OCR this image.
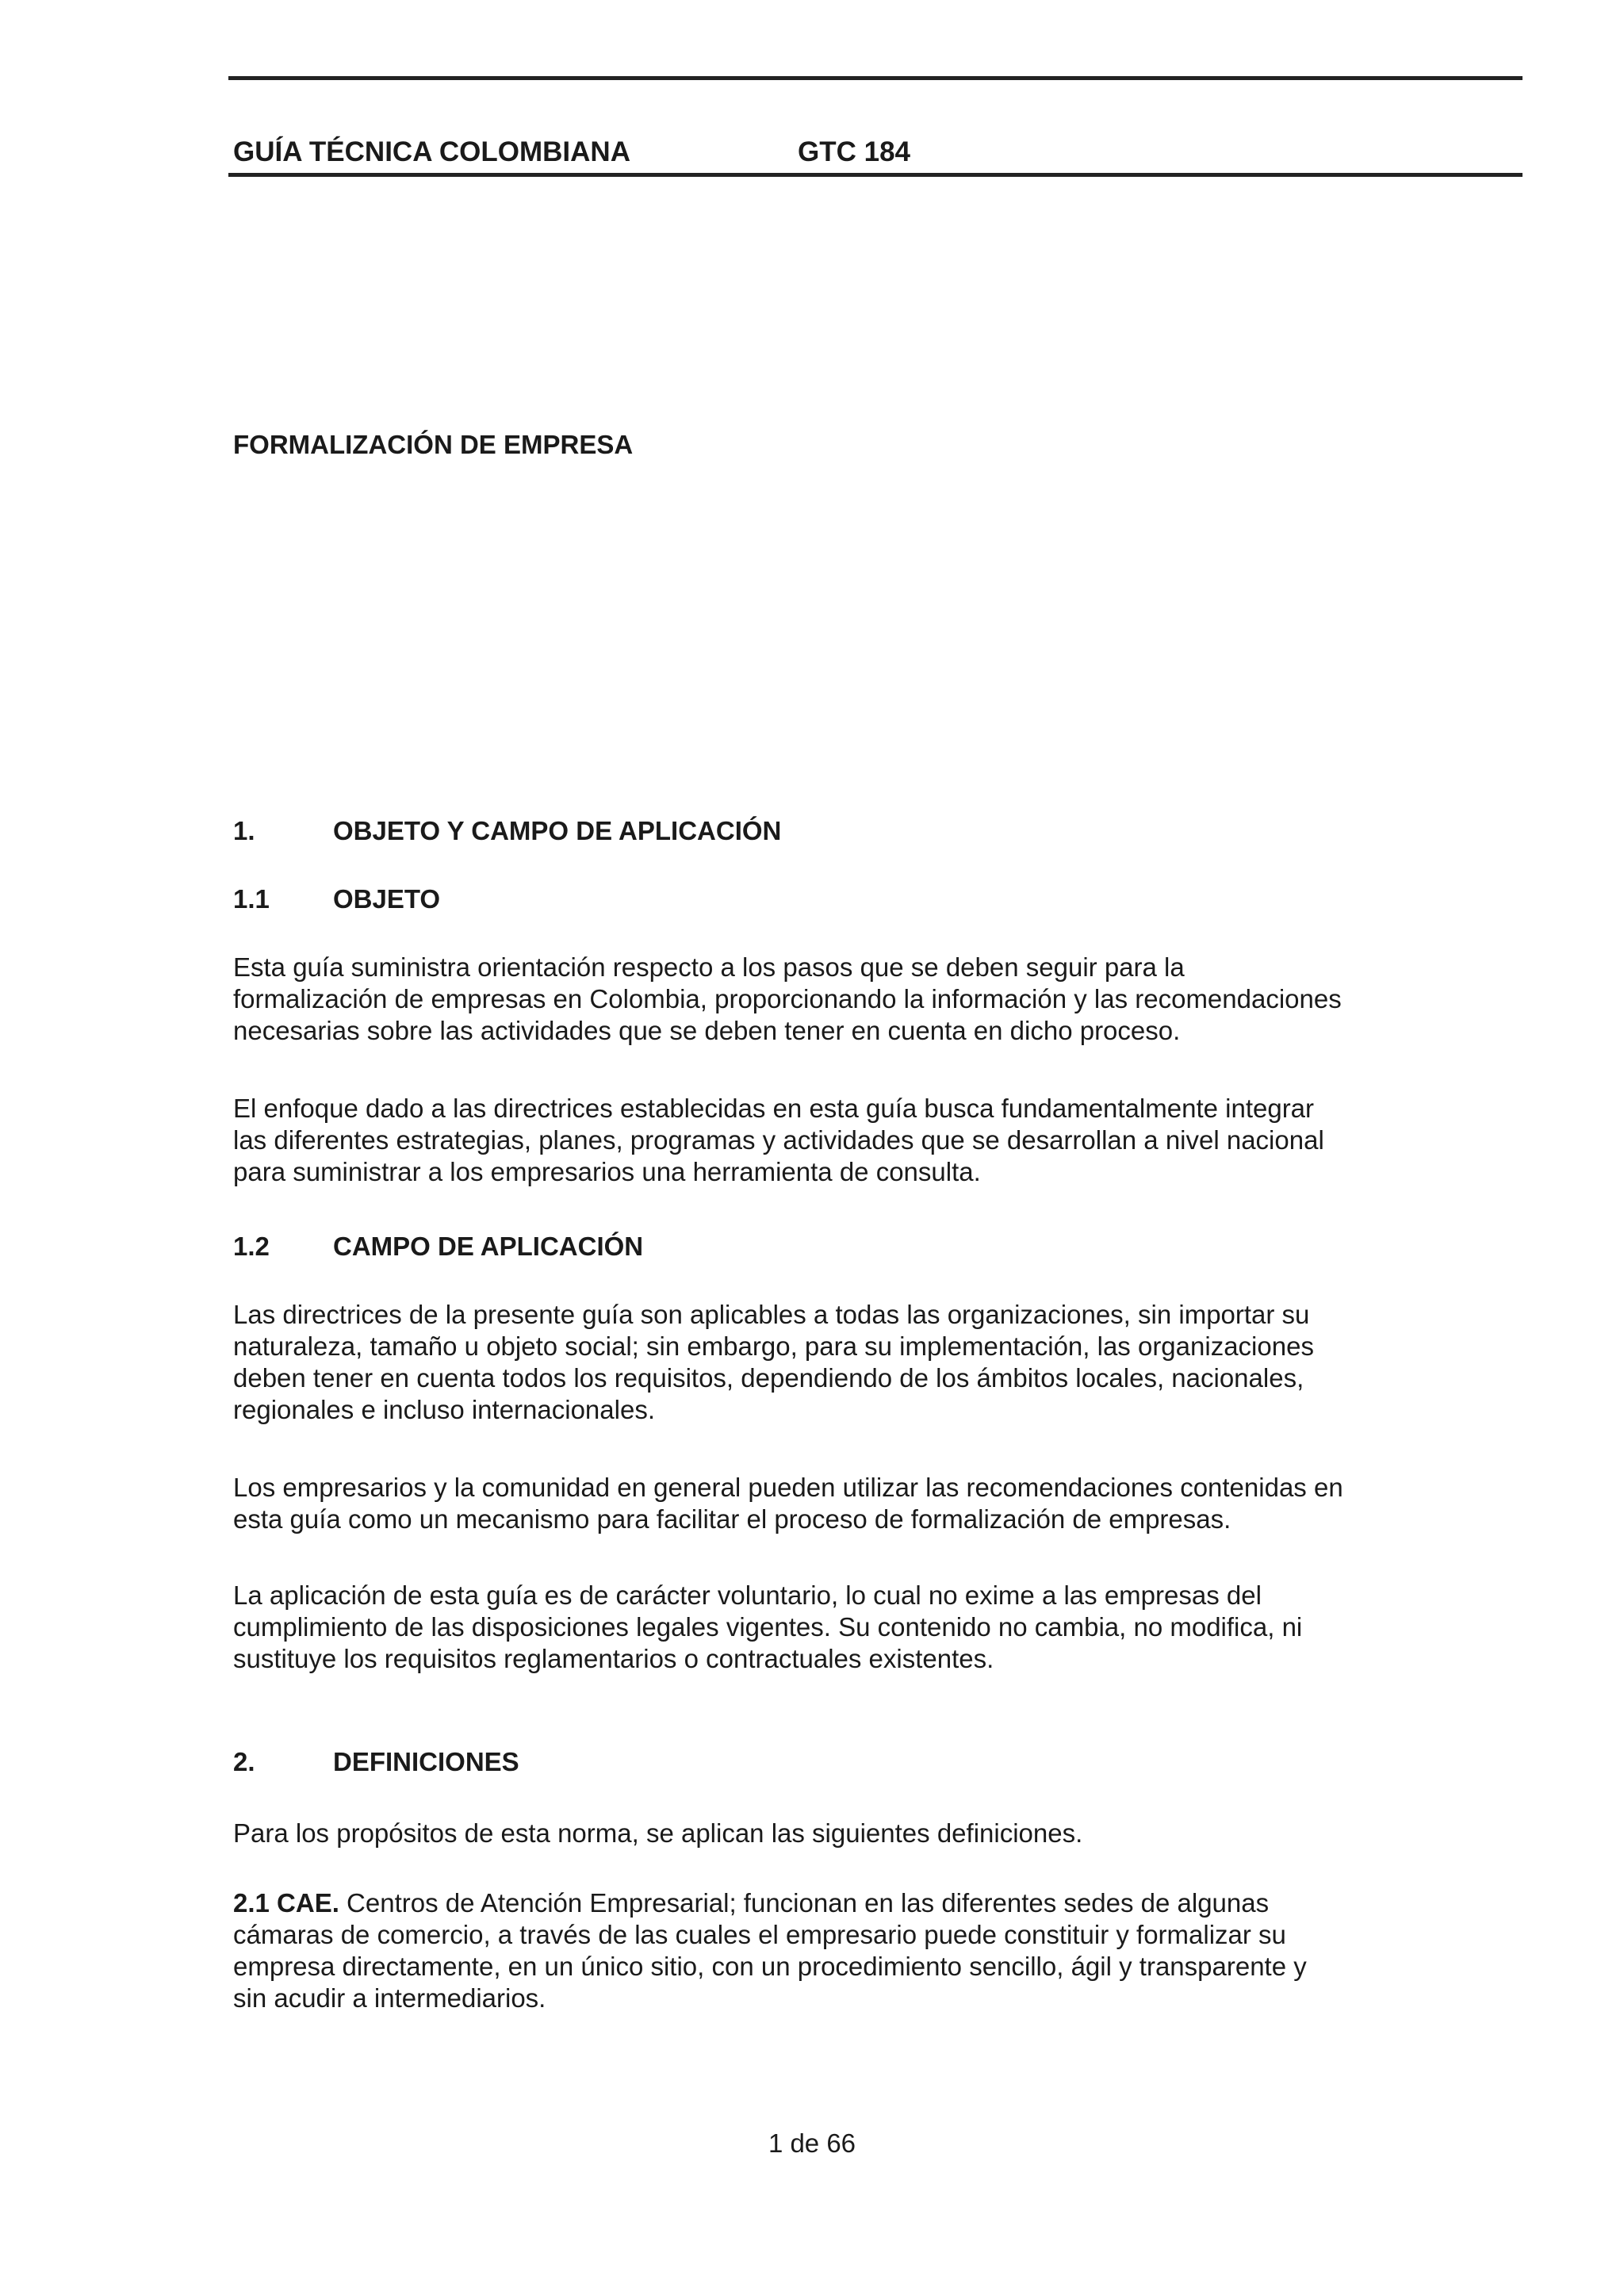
GUÍA TÉCNICA COLOMBIANA	GTC 184
FORMALIZACIÓN DE EMPRESA
1.	OBJETO Y CAMPO DE APLICACIÓN
1.1 OBJETO

Esta guía suministra orientación respecto a los pasos que se deben seguir para la
formalización de empresas en Colombia, proporcionando la información y las recomendaciones
necesarias sobre las actividades que se deben tener en cuenta en dicho proceso.

El enfoque dado a las directrices establecidas en esta guía busca fundamentalmente integrar
las diferentes estrategias, planes, programas y actividades que se desarrollan a nivel nacional
para suministrar a los empresarios una herramienta de consulta.

1.2 CAMPO DE APLICACIÓN

Las directrices de la presente guía son aplicables a todas las organizaciones, sin importar su
naturaleza, tamaño u objeto social; sin embargo, para su implementación, las organizaciones
deben tener en cuenta todos los requisitos, dependiendo de los ámbitos locales, nacionales,
regionales e incluso internacionales.

Los empresarios y la comunidad en general pueden utilizar las recomendaciones contenidas en
esta guía como un mecanismo para facilitar el proceso de formalización de empresas.

La aplicación de esta guía es de carácter voluntario, lo cual no exime a las empresas del
cumplimiento de las disposiciones legales vigentes. Su contenido no cambia, no modifica, ni
sustituye los requisitos reglamentarios o contractuales existentes.

2.	DEFINICIONES

Para los propósitos de esta norma, se aplican las siguientes definiciones.

2.1 CAE. Centros de Atención Empresarial; funcionan en las diferentes sedes de algunas
cámaras de comercio, a través de las cuales el empresario puede constituir y formalizar su
empresa directamente, en un único sitio, con un procedimiento sencillo, ágil y transparente y
sin acudir a intermediarios.

1 de 66
